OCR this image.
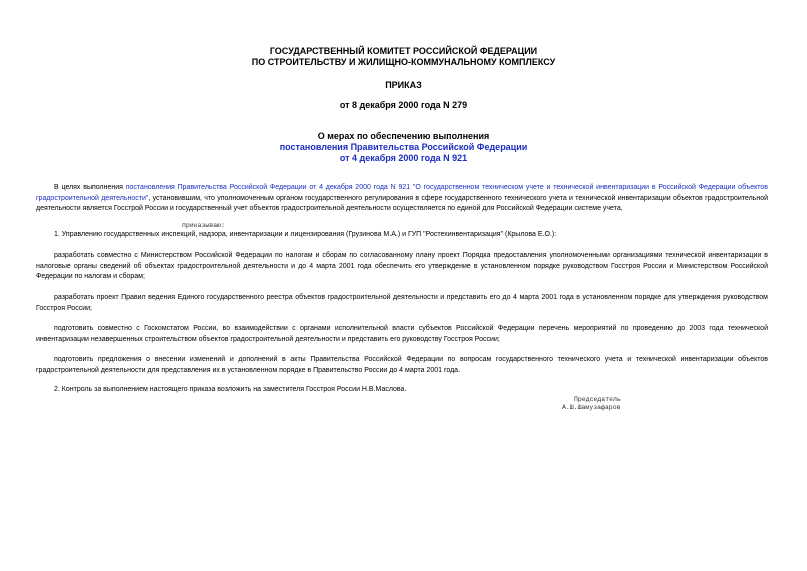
ГОСУДАРСТВЕННЫЙ КОМИТЕТ РОССИЙСКОЙ ФЕДЕРАЦИИ
ПО СТРОИТЕЛЬСТВУ И ЖИЛИЩНО-КОММУНАЛЬНОМУ КОМПЛЕКСУ
ПРИКАЗ
от 8 декабря 2000 года N 279
О мерах по обеспечению выполнения
постановления Правительства Российской Федерации
от 4 декабря 2000 года N 921
В целях выполнения постановления Правительства Российской Федерации от 4 декабря 2000 года N 921 "О государственном техническом учете и технической инвентаризации в Российской Федерации объектов градостроительной деятельности", установившим, что уполномоченным органом государственного регулирования в сфере государственного технического учета и технической инвентаризации объектов градостроительной деятельности является Госстрой России и государственный учет объектов градостроительной деятельности осуществляется по единой для Российской Федерации системе учета,
приказываю:
1. Управлению государственных инспекций, надзора, инвентаризации и лицензирования (Грузинова М.А.) и ГУП "Ростехинвентаризация" (Крылова Е.О.):
разработать совместно с Министерством Российской Федерации по налогам и сборам по согласованному плану проект Порядка предоставления уполномоченными организациями технической инвентаризации в налоговые органы сведений об объектах градостроительной деятельности и до 4 марта 2001 года обеспечить его утверждение в установленном порядке руководством Госстроя России и Министерством Российской Федерации по налогам и сборам;
разработать проект Правил ведения Единого государственного реестра объектов градостроительной деятельности и представить его до 4 марта 2001 года в установленном порядке для утверждения руководством Госстроя России;
подготовить совместно с Госкомстатом России, во взаимодействии с органами исполнительной власти субъектов Российской Федерации перечень мероприятий по проведению до 2003 года технической инвентаризации незавершенных строительством объектов градостроительной деятельности и представить его руководству Госстроя России;
подготовить предложения о внесении изменений и дополнений в акты Правительства Российской Федерации по вопросам государственного технического учета и технической инвентаризации объектов градостроительной деятельности для представления их в установленном порядке в Правительство России до 4 марта 2001 года.
2. Контроль за выполнением настоящего приказа возложить на заместителя Госстроя России Н.В.Маслова.
Председатель
А.Ш.Шамузафаров
